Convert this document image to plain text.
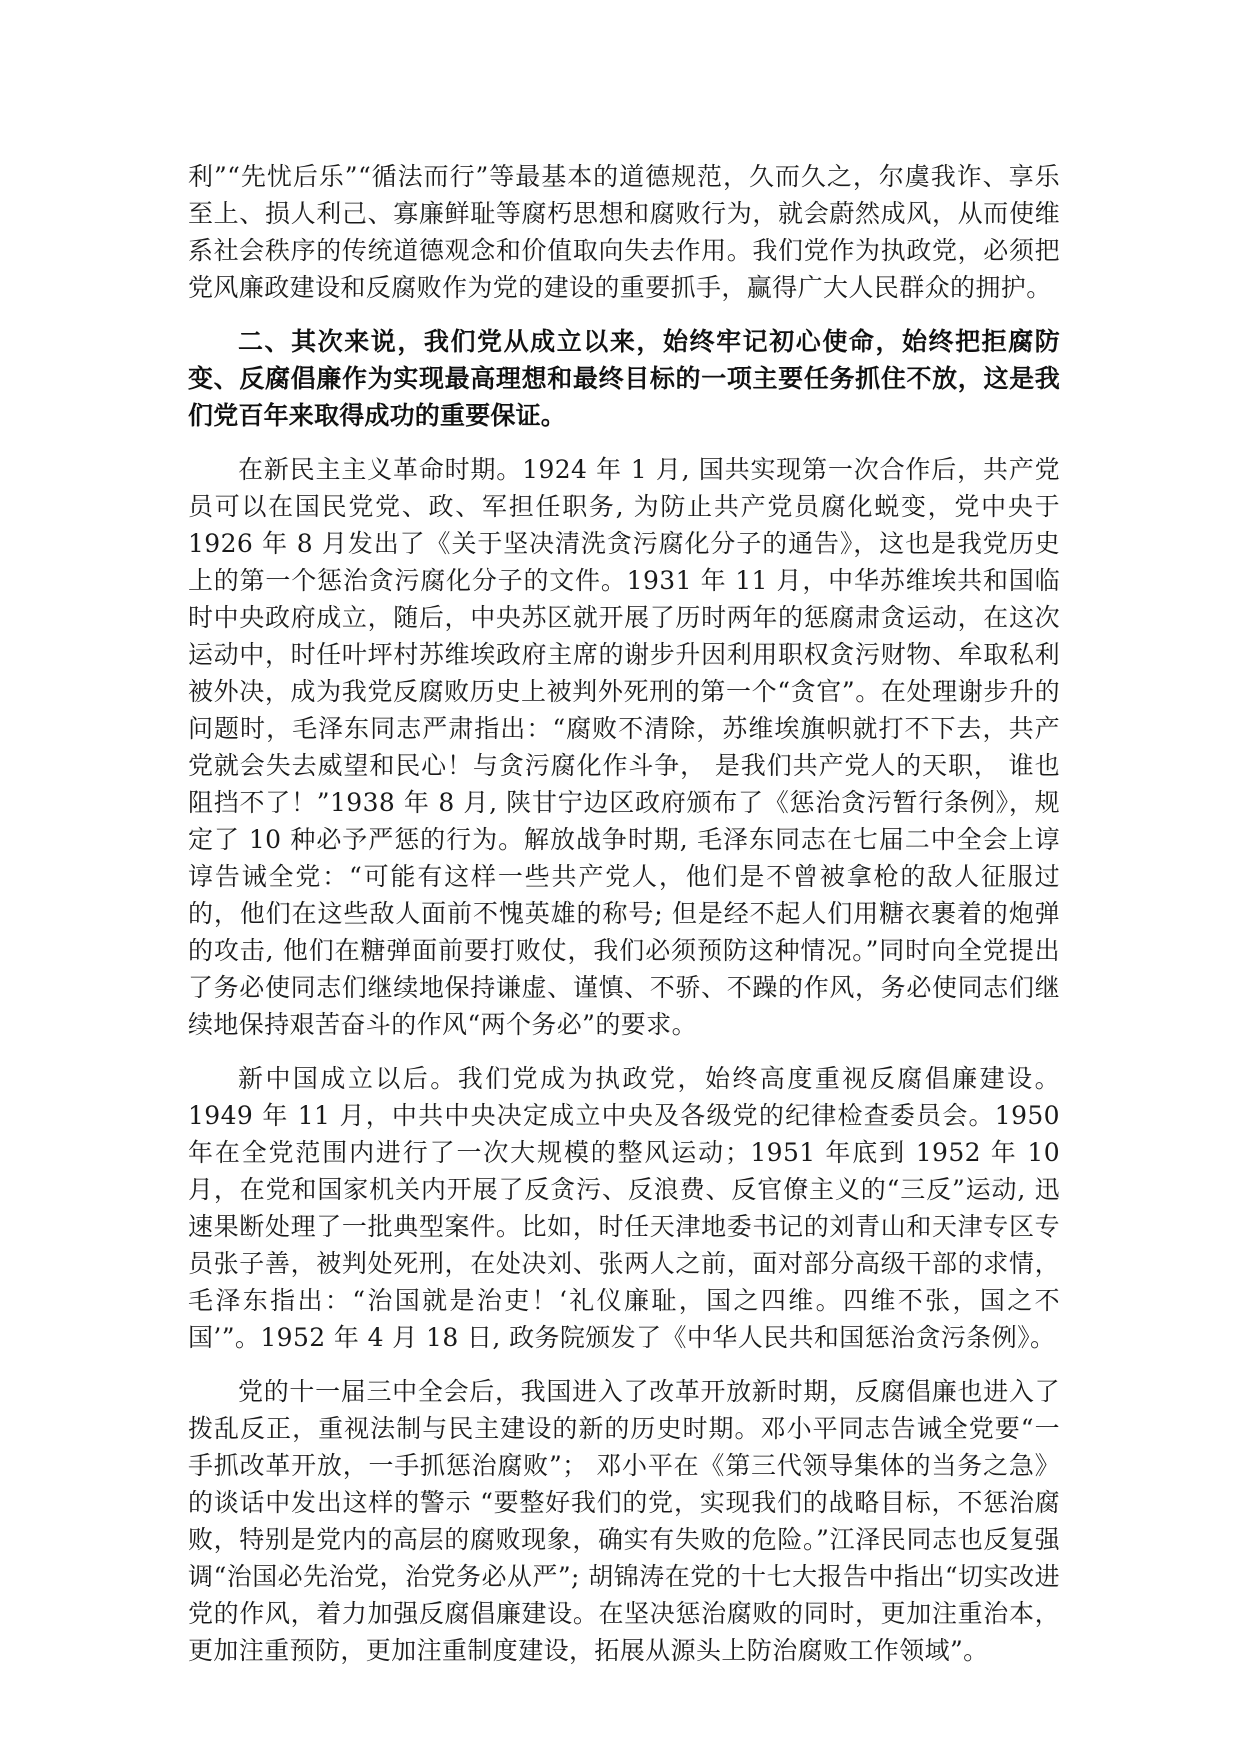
利”“先忧后乐”“循法而行”等最基本的道德规范，久而久之，尔虞我诈、享乐至上、损人利己、寡廉鲜耻等腐朽思想和腐败行为，就会蔚然成风，从而使维系社会秩序的传统道德观念和价值取向失去作用。我们党作为执政党，必须把党风廉政建设和反腐败作为党的建设的重要抓手，赢得广大人民群众的拥护。

二、其次来说，我们党从成立以来，始终牢记初心使命，始终把拒腐防变、反腐倡廉作为实现最高理想和最终目标的一项主要任务抓住不放，这是我们党百年来取得成功的重要保证。

在新民主主义革命时期。1924 年 1 月, 国共实现第一次合作后，共产党员可以在国民党党、政、军担任职务, 为防止共产党员腐化蜕变，党中央于 1926 年 8 月发出了《关于坚决清洗贪污腐化分子的通告》，这也是我党历史上的第一个惩治贪污腐化分子的文件。1931 年 11 月，中华苏维埃共和国临时中央政府成立，随后，中央苏区就开展了历时两年的惩腐肃贪运动，在这次运动中，时任叶坪村苏维埃政府主席的谢步升因利用职权贪污财物、牟取私利被外决，成为我党反腐败历史上被判外死刑的第一个“贪官”。在处理谢步升的问题时，毛泽东同志严肃指出：“腐败不清除，苏维埃旗帜就打不下去，共产党就会失去威望和民心！与贪污腐化作斗争， 是我们共产党人的天职， 谁也阻挡不了！”1938 年 8 月, 陕甘宁边区政府颁布了《惩治贪污暂行条例》，规定了 10 种必予严惩的行为。解放战争时期, 毛泽东同志在七届二中全会上谆谆告诫全党：“可能有这样一些共产党人，他们是不曾被拿枪的敌人征服过的，他们在这些敌人面前不愧英雄的称号; 但是经不起人们用糖衣裹着的炮弹的攻击, 他们在糖弹面前要打败仗，我们必须预防这种情况。”同时向全党提出了务必使同志们继续地保持谦虚、谨慎、不骄、不躁的作风，务必使同志们继续地保持艰苦奋斗的作风“两个务必”的要求。

新中国成立以后。我们党成为执政党，始终高度重视反腐倡廉建设。1949 年 11 月，中共中央决定成立中央及各级党的纪律检查委员会。1950 年在全党范围内进行了一次大规模的整风运动；1951 年底到 1952 年 10 月，在党和国家机关内开展了反贪污、反浪费、反官僚主义的“三反”运动, 迅速果断处理了一批典型案件。比如，时任天津地委书记的刘青山和天津专区专员张子善，被判处死刑，在处决刘、张两人之前，面对部分高级干部的求情，毛泽东指出：“治国就是治吏！‘礼仪廉耻，国之四维。四维不张，国之不国’”。1952 年 4 月 18 日, 政务院颁发了《中华人民共和国惩治贪污条例》。

党的十一届三中全会后，我国进入了改革开放新时期，反腐倡廉也进入了拨乱反正，重视法制与民主建设的新的历史时期。邓小平同志告诫全党要“一手抓改革开放，一手抓惩治腐败”； 邓小平在《第三代领导集体的当务之急》的谈话中发出这样的警示 “要整好我们的党，实现我们的战略目标，不惩治腐败，特别是党内的高层的腐败现象，确实有失败的危险。”江泽民同志也反复强调“治国必先治党，治党务必从严”; 胡锦涛在党的十七大报告中指出“切实改进党的作风，着力加强反腐倡廉建设。在坚决惩治腐败的同时，更加注重治本，更加注重预防，更加注重制度建设，拓展从源头上防治腐败工作领域”。
